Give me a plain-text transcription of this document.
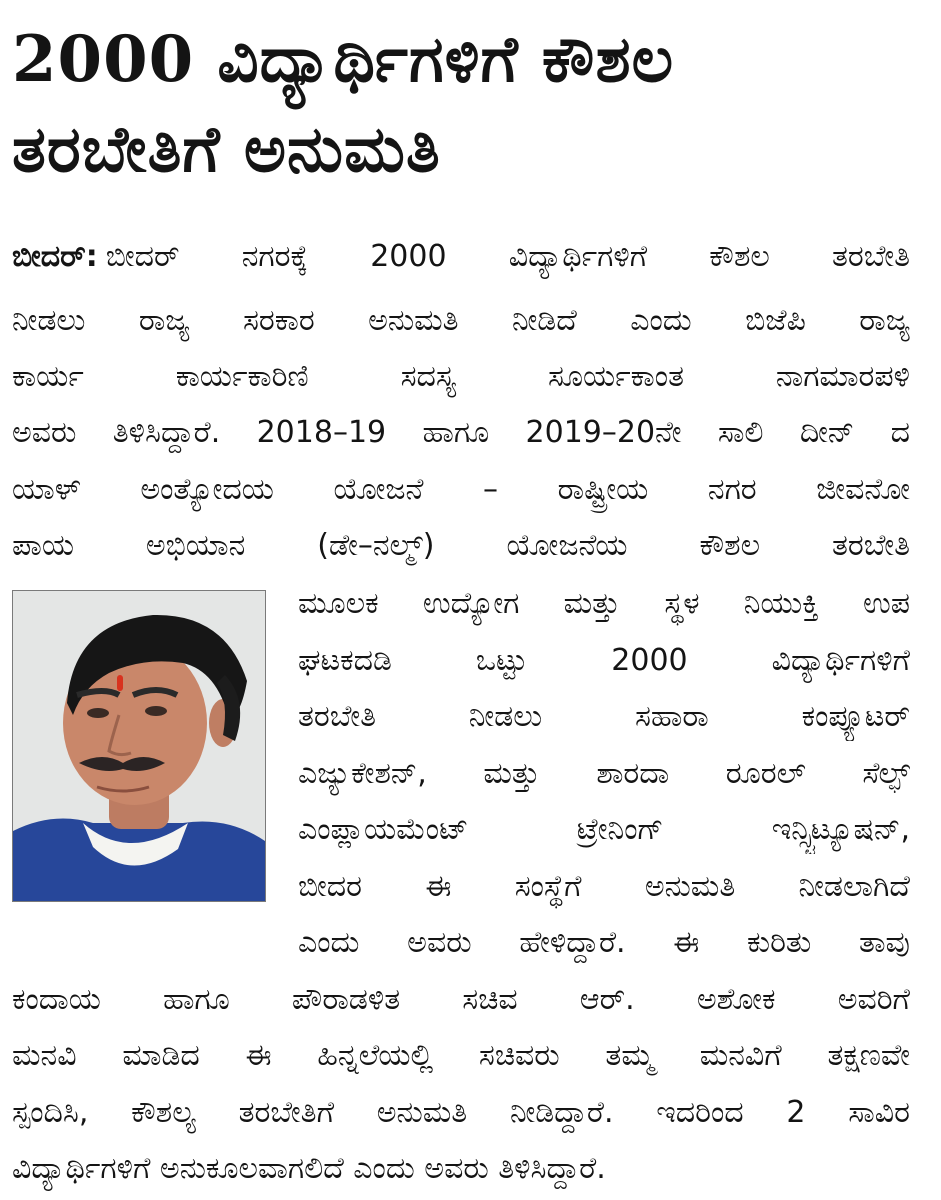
2000 ವಿದ್ಯಾರ್ಥಿಗಳಿಗೆ ಕೌಶಲ
ತರಬೇತಿಗೆ ಅನುಮತಿ
ಬೀದರ್: ಬೀದರ್ ನಗರಕ್ಕೆ 2000 ವಿದ್ಯಾರ್ಥಿಗಳಿಗೆ ಕೌಶಲ ತರಬೇತಿ
ನೀಡಲು ರಾಜ್ಯ ಸರಕಾರ ಅನುಮತಿ ನೀಡಿದೆ ಎಂದು ಬಿಜೆಪಿ ರಾಜ್ಯ
ಕಾರ್ಯ ಕಾರ್ಯಕಾರಿಣಿ ಸದಸ್ಯ ಸೂರ್ಯಕಾಂತ ನಾಗಮಾರಪಳಿ
ಅವರು ತಿಳಿಸಿದ್ದಾರೆ. 2018–19 ಹಾಗೂ 2019–20ನೇ ಸಾಲಿ ದೀನ್ ದ
ಯಾಳ್ ಅಂತ್ಯೋದಯ ಯೋಜನೆ – ರಾಷ್ಟ್ರೀಯ ನಗರ ಜೀವನೋ
ಪಾಯ ಅಭಿಯಾನ (ಡೇ–ನಲ್ಮ್) ಯೋಜನೆಯ ಕೌಶಲ ತರಬೇತಿ
ಮೂಲಕ ಉದ್ಯೋಗ ಮತ್ತು ಸ್ಥಳ ನಿಯುಕ್ತಿ ಉಪ
ಘಟಕದಡಿ ಒಟ್ಟು 2000 ವಿದ್ಯಾರ್ಥಿಗಳಿಗೆ
ತರಬೇತಿ ನೀಡಲು ಸಹಾರಾ ಕಂಪ್ಯೂಟರ್
ಎಜ್ಯುಕೇಶನ್, ಮತ್ತು ಶಾರದಾ ರೂರಲ್ ಸೆಲ್ಫ್
ಎಂಪ್ಲಾಯಮೆಂಟ್ ಟ್ರೇನಿಂಗ್ ಇನ್ಸ್ಟಿಟ್ಯೂಷನ್,
ಬೀದರ ಈ ಸಂಸ್ಥೆಗೆ ಅನುಮತಿ ನೀಡಲಾಗಿದೆ
ಎಂದು ಅವರು ಹೇಳಿದ್ದಾರೆ. ಈ ಕುರಿತು ತಾವು
ಕಂದಾಯ ಹಾಗೂ ಪೌರಾಡಳಿತ ಸಚಿವ ಆರ್. ಅಶೋಕ ಅವರಿಗೆ
ಮನವಿ ಮಾಡಿದ ಈ ಹಿನ್ನಲೆಯಲ್ಲಿ ಸಚಿವರು ತಮ್ಮ ಮನವಿಗೆ ತಕ್ಷಣವೇ
ಸ್ಪಂದಿಸಿ, ಕೌಶಲ್ಯ ತರಬೇತಿಗೆ ಅನುಮತಿ ನೀಡಿದ್ದಾರೆ. ಇದರಿಂದ 2 ಸಾವಿರ
ವಿದ್ಯಾರ್ಥಿಗಳಿಗೆ ಅನುಕೂಲವಾಗಲಿದೆ ಎಂದು ಅವರು ತಿಳಿಸಿದ್ದಾರೆ.
